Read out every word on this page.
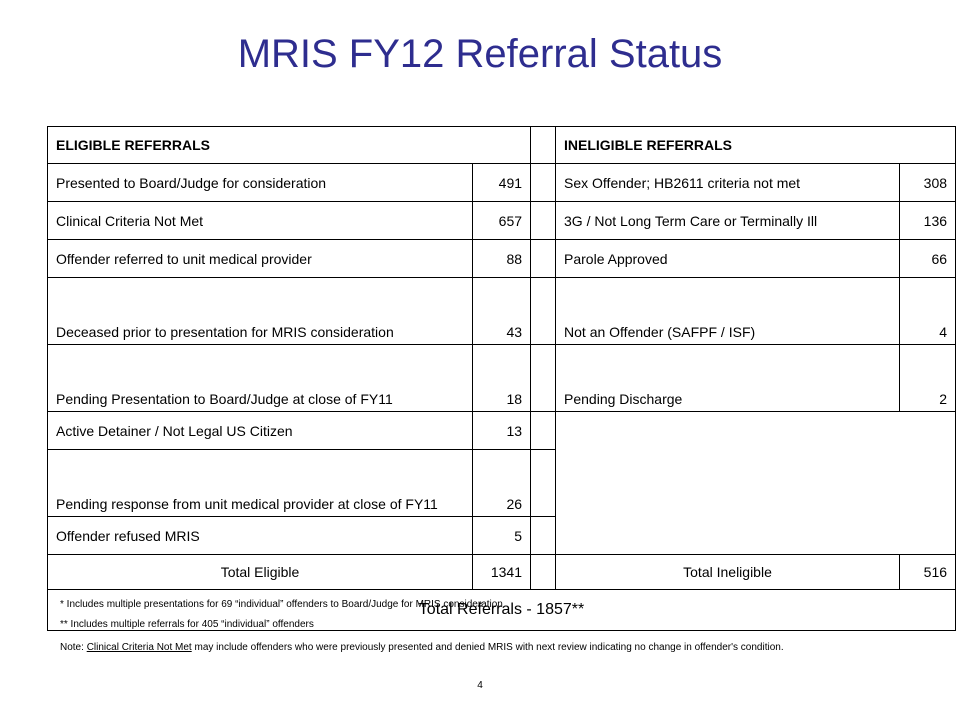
MRIS FY12 Referral Status
ELIGIBLE REFERRALS			INELIGIBLE REFERRALS	
Presented to Board/Judge for consideration	491		Sex Offender; HB2611 criteria not met	308
Clinical Criteria Not Met	657		3G / Not Long Term Care or Terminally Ill	136
Offender referred to unit medical provider	88		Parole Approved	66
Deceased prior to presentation for MRIS consideration	43		Not an Offender (SAFPF / ISF)	4
Pending Presentation to Board/Judge at close of FY11	18		Pending Discharge	2
Active Detainer / Not Legal US Citizen	13			
Pending response from unit medical provider at close of FY11	26			
Offender refused MRIS	5			
Total Eligible	1341		Total Ineligible	516
Total Referrals - 1857**				

* Includes multiple presentations for 69 “individual” offenders to Board/Judge for MRIS consideration

** Includes multiple referrals for 405 “individual” offenders

Note: Clinical Criteria Not Met may include offenders who were previously presented and denied MRIS with next review indicating no change in offender's condition.

4
